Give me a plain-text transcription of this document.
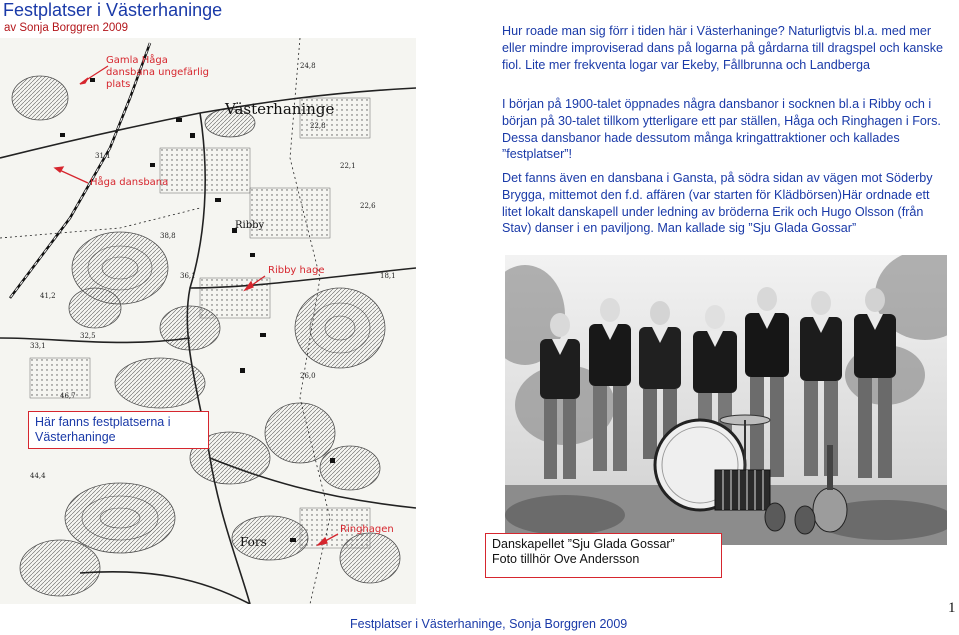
Festplatser i Västerhaninge
av Sonja Borggren 2009	Hur roade man sig förr i tiden här i Västerhaninge? Naturligtvis bl.a. med mer eller mindre improviserad dans på logarna på gårdarna till dragspel och kanske fiol. Lite mer frekventa logar var Ekeby, Fållbrunna och Landberga
I början på 1900-talet öppnades några dansbanor i socknen bl.a i Ribby och i början på 30-talet tillkom ytterligare ett par ställen, Håga och Ringhagen i Fors. Dessa dansbanor hade dessutom många kringattraktioner och kallades ”festplatser”!
Det fanns även en dansbana i Gansta, på södra sidan av vägen mot Söderby Brygga, mittemot den f.d. affären (var starten för Klädbörsen)Här ordnade ett litet lokalt danskapell under ledning av bröderna Erik och Hugo Olsson (från Stav) danser i en paviljong. Man kallade sig ”Sju Glada Gossar”
24,8
22,8
22,1
22,6
31,1
41,2
32,5
38,8
36,1
33,1
46,7
18,1
44,4
26,0
Gamla Håga dansbana ungefärlig plats
Håga dansbana
Ribby hage
Ringhagen
Västerhaninge
Ribby
Fors
Här fanns festplatserna i Västerhaninge
Danskapellet ”Sju Glada Gossar”
Foto tillhör Ove Andersson
Festplatser i Västerhaninge, Sonja Borggren 2009
1
